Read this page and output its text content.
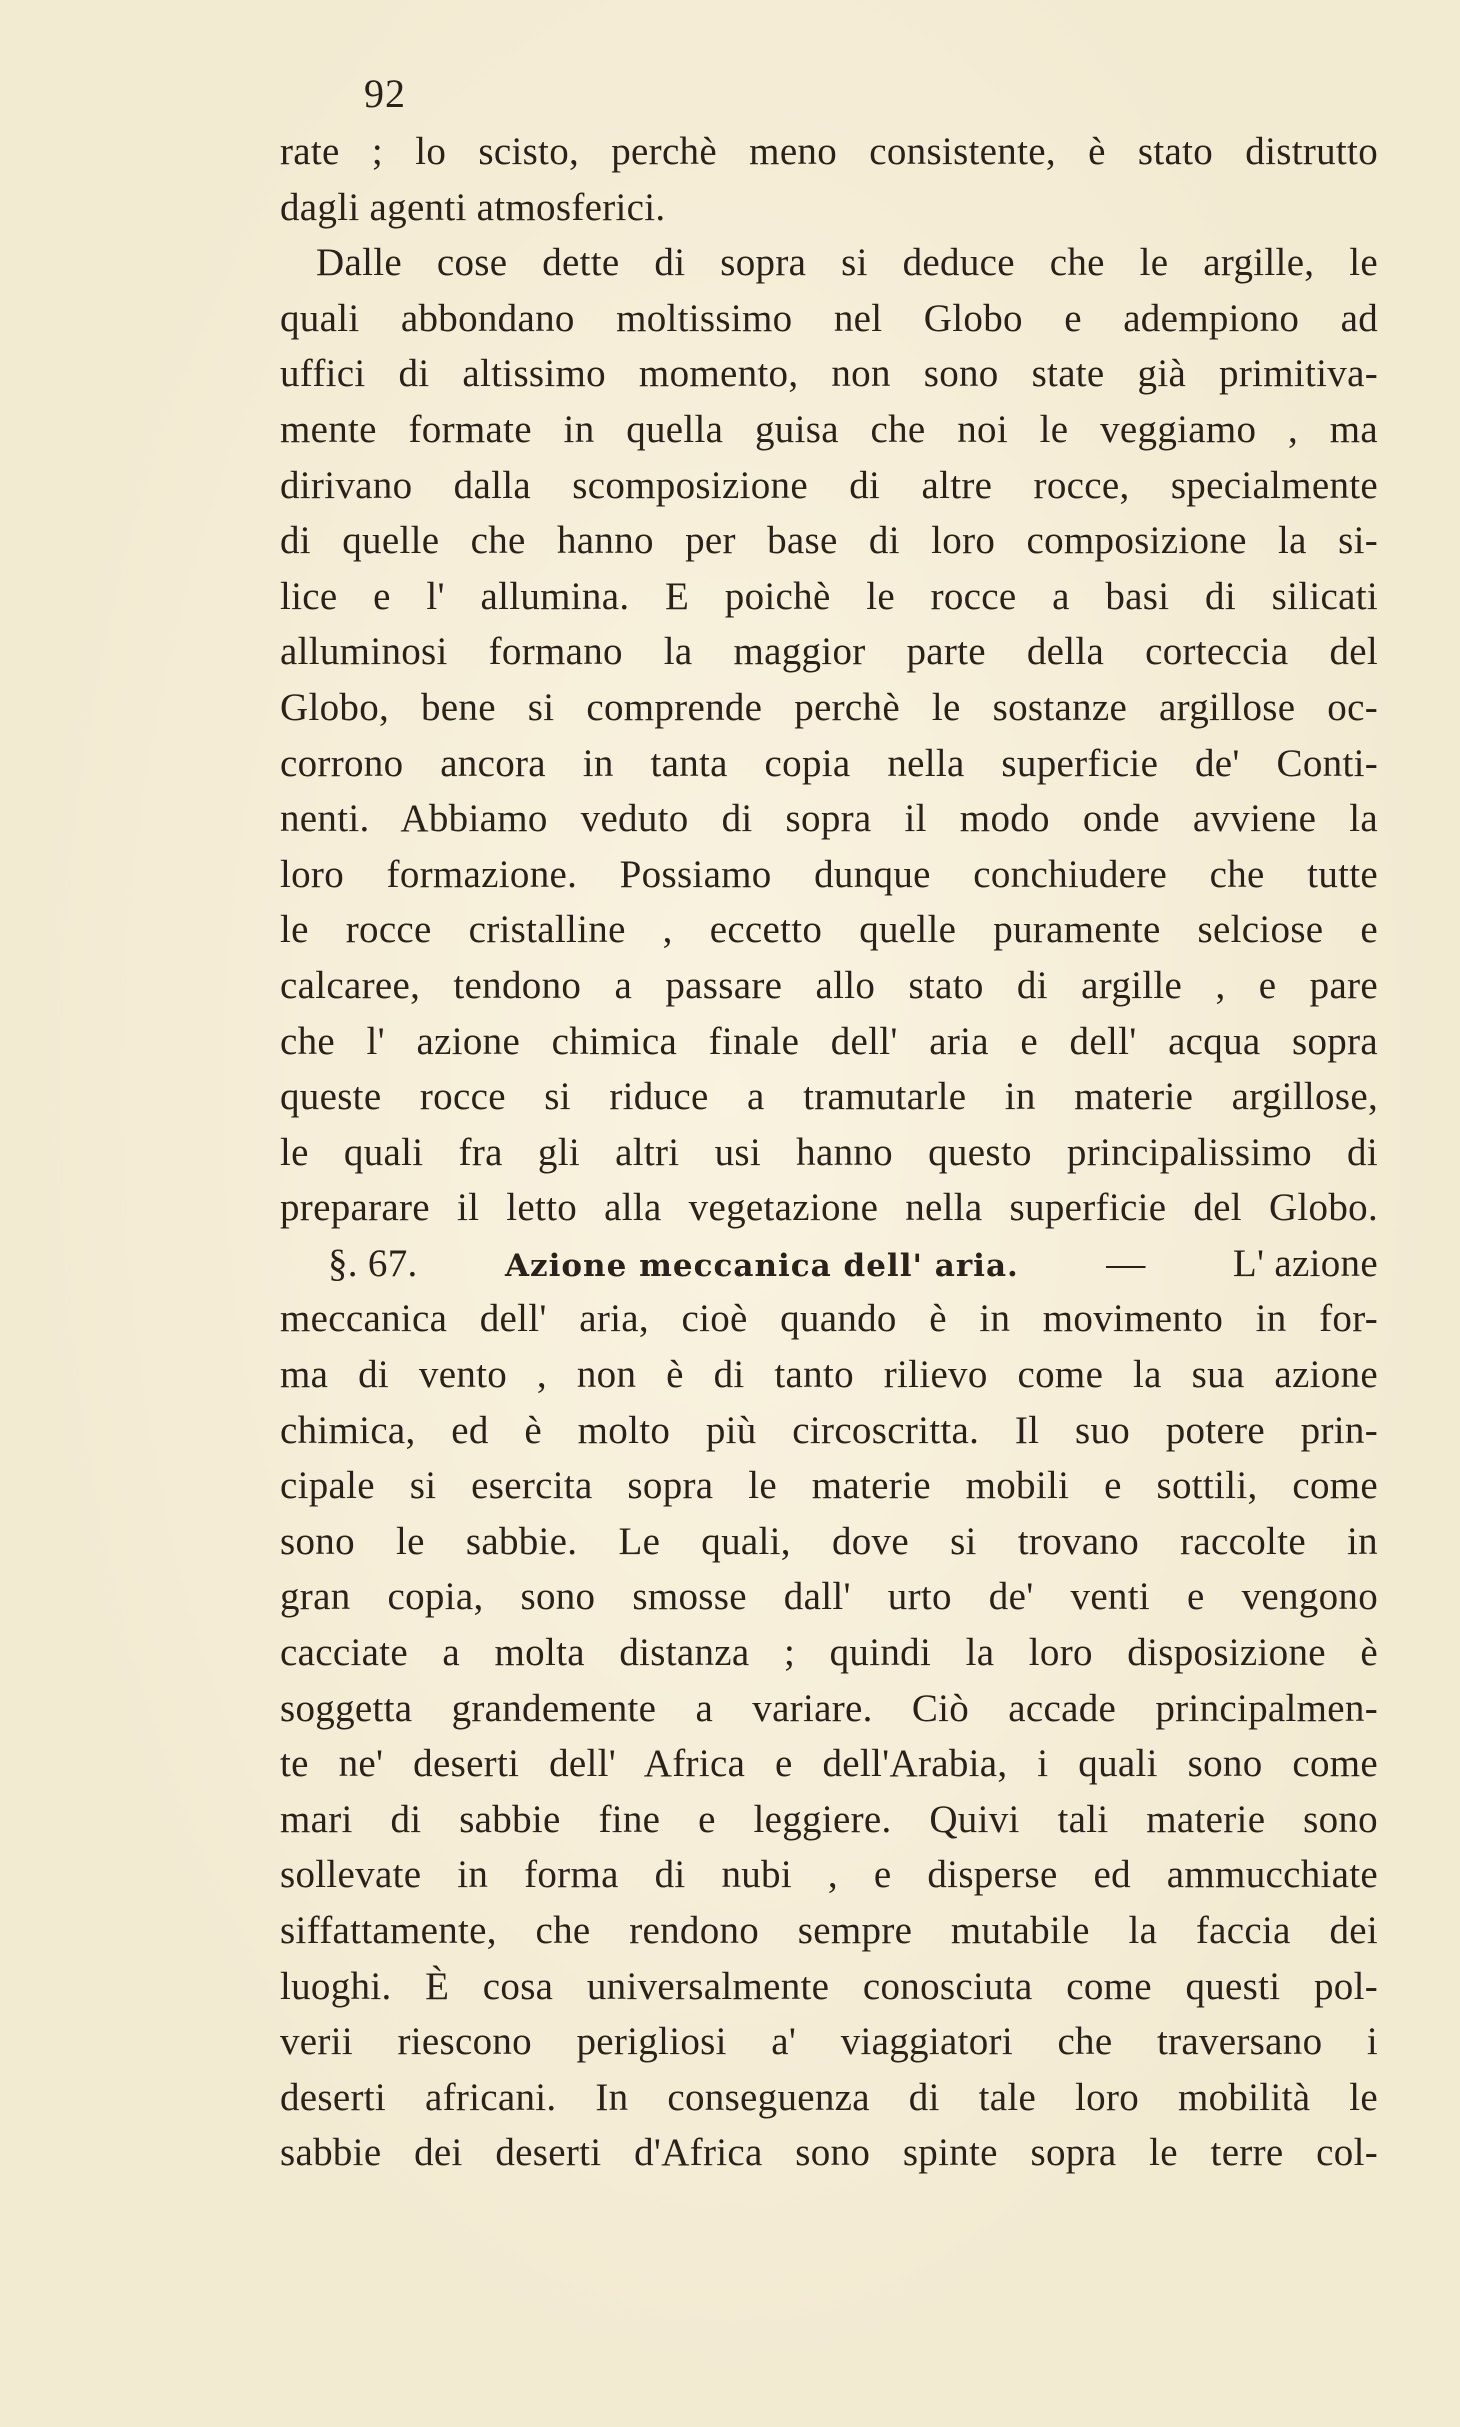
92
rate ; lo scisto, perchè meno consistente, è stato distrutto
dagli agenti atmosferici.
Dalle cose dette di sopra si deduce che le argille, le
quali abbondano moltissimo nel Globo e adempiono ad
uffici di altissimo momento, non sono state già primitiva-
mente formate in quella guisa che noi le veggiamo , ma
dirivano dalla scomposizione di altre rocce, specialmente
di quelle che hanno per base di loro composizione la si-
lice e l' allumina. E poichè le rocce a basi di silicati
alluminosi formano la maggior parte della corteccia del
Globo, bene si comprende perchè le sostanze argillose oc-
corrono ancora in tanta copia nella superficie de' Conti-
nenti. Abbiamo veduto di sopra il modo onde avviene la
loro formazione. Possiamo dunque conchiudere che tutte
le rocce cristalline , eccetto quelle puramente selciose e
calcaree, tendono a passare allo stato di argille , e pare
che l' azione chimica finale dell' aria e dell' acqua sopra
queste rocce si riduce a tramutarle in materie argillose,
le quali fra gli altri usi hanno questo principalissimo di
preparare il letto alla vegetazione nella superficie del Globo.
§. 67.	Azione meccanica dell' aria. — L' azione
meccanica dell' aria, cioè quando è in movimento in for-
ma di vento , non è di tanto rilievo come la sua azione
chimica, ed è molto più circoscritta. Il suo potere prin-
cipale si esercita sopra le materie mobili e sottili, come
sono le sabbie. Le quali, dove si trovano raccolte in
gran copia, sono smosse dall' urto de' venti e vengono
cacciate a molta distanza ; quindi la loro disposizione è
soggetta grandemente a variare. Ciò accade principalmen-
te ne' deserti dell' Africa e dell'Arabia, i quali sono come
mari di sabbie fine e leggiere. Quivi tali materie sono
sollevate in forma di nubi , e disperse ed ammucchiate
siffattamente, che rendono sempre mutabile la faccia dei
luoghi. È cosa universalmente conosciuta come questi pol-
verii riescono perigliosi a' viaggiatori che traversano i
deserti africani. In conseguenza di tale loro mobilità le
sabbie dei deserti d'Africa sono spinte sopra le terre col-
